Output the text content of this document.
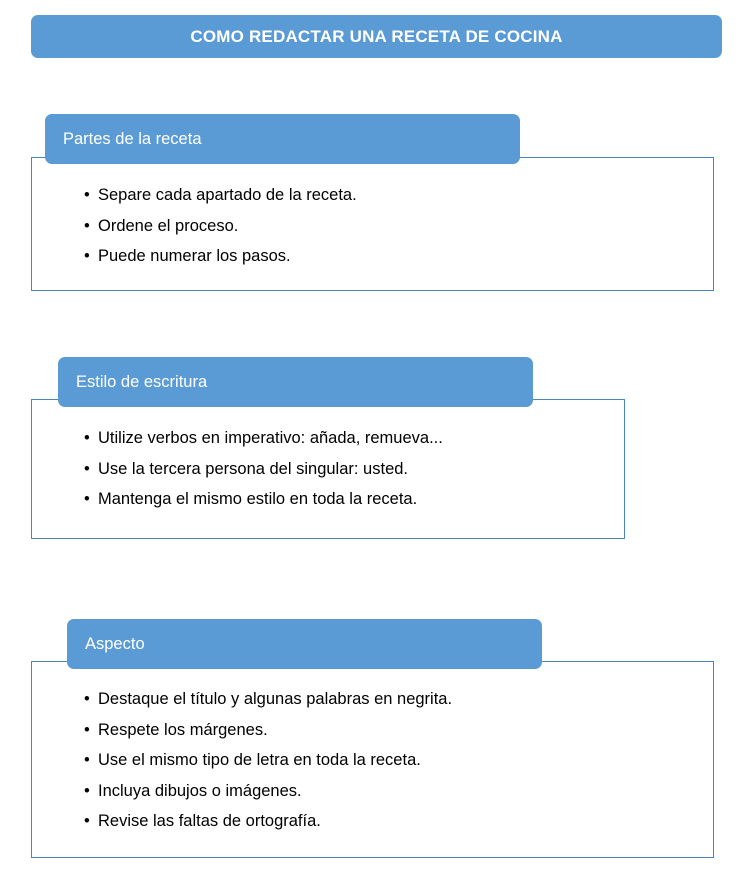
COMO REDACTAR UNA RECETA DE COCINA
Partes de la receta
• Separe cada apartado de la receta.
• Ordene el proceso.
• Puede numerar los pasos.
Estilo de escritura
• Utilize verbos en imperativo: añada, remueva...
• Use la tercera persona del singular: usted.
• Mantenga el mismo estilo en toda la receta.
Aspecto
• Destaque el título y algunas palabras en negrita.
• Respete los márgenes.
• Use el mismo tipo de letra en toda la receta.
• Incluya dibujos o imágenes.
• Revise las faltas de ortografía.
